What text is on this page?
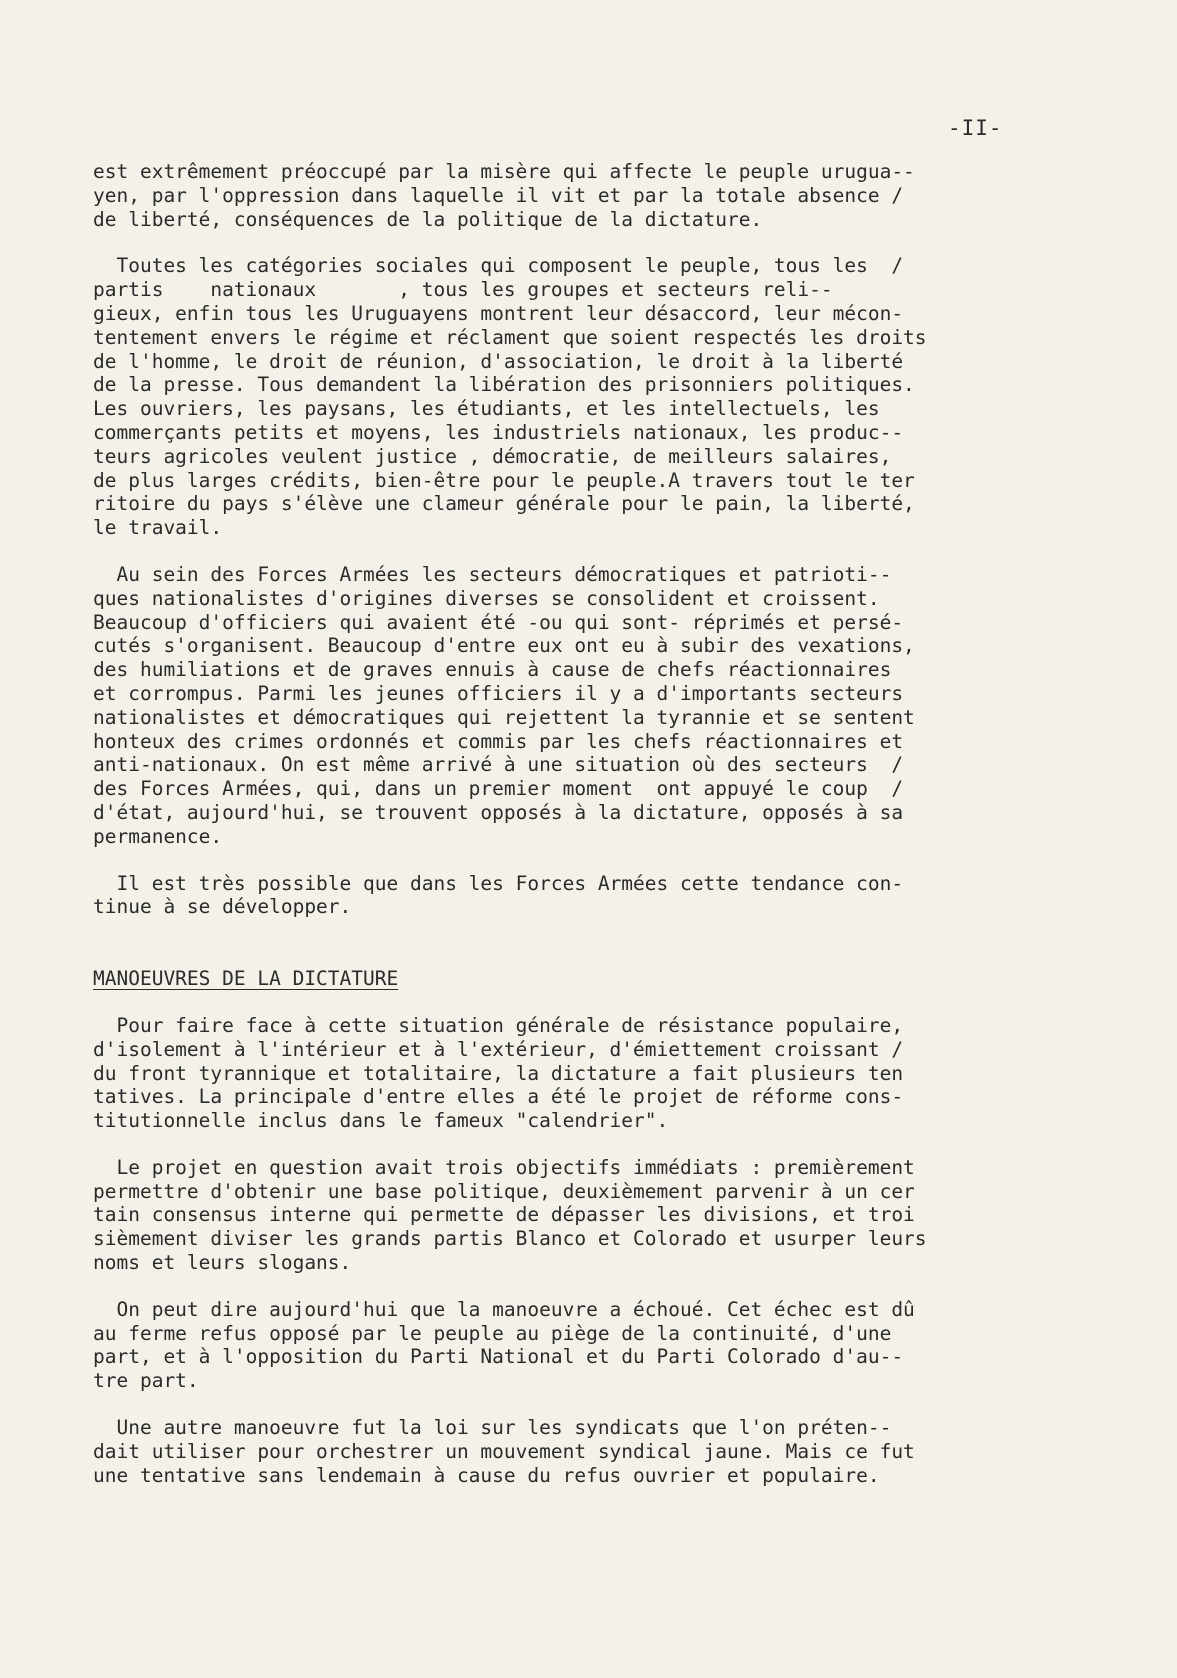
-II-
est extrêmement préoccupé par la misère qui affecte le peuple urugua--
yen, par l'oppression dans laquelle il vit et par la totale absence /
de liberté, conséquences de la politique de la dictature.
Toutes les catégories sociales qui composent le peuple, tous les  /
partis    nationaux       , tous les groupes et secteurs reli--
gieux, enfin tous les Uruguayens montrent leur désaccord, leur mécon-
tentement envers le régime et réclament que soient respectés les droits
de l'homme, le droit de réunion, d'association, le droit à la liberté
de la presse. Tous demandent la libération des prisonniers politiques.
Les ouvriers, les paysans, les étudiants, et les intellectuels, les
commerçants petits et moyens, les industriels nationaux, les produc--
teurs agricoles veulent justice , démocratie, de meilleurs salaires,
de plus larges crédits, bien-être pour le peuple.A travers tout le ter
ritoire du pays s'élève une clameur générale pour le pain, la liberté,
le travail.
Au sein des Forces Armées les secteurs démocratiques et patrioti--
ques nationalistes d'origines diverses se consolident et croissent.
Beaucoup d'officiers qui avaient été -ou qui sont- réprimés et persé-
cutés s'organisent. Beaucoup d'entre eux ont eu à subir des vexations,
des humiliations et de graves ennuis à cause de chefs réactionnaires
et corrompus. Parmi les jeunes officiers il y a d'importants secteurs
nationalistes et démocratiques qui rejettent la tyrannie et se sentent
honteux des crimes ordonnés et commis par les chefs réactionnaires et
anti-nationaux. On est même arrivé à une situation où des secteurs  /
des Forces Armées, qui, dans un premier moment  ont appuyé le coup  /
d'état, aujourd'hui, se trouvent opposés à la dictature, opposés à sa
permanence.
Il est très possible que dans les Forces Armées cette tendance con-
tinue à se développer.
MANOEUVRES DE LA DICTATURE
Pour faire face à cette situation générale de résistance populaire,
d'isolement à l'intérieur et à l'extérieur, d'émiettement croissant /
du front tyrannique et totalitaire, la dictature a fait plusieurs ten
tatives. La principale d'entre elles a été le projet de réforme cons-
titutionnelle inclus dans le fameux "calendrier".
Le projet en question avait trois objectifs immédiats : premièrement
permettre d'obtenir une base politique, deuxièmement parvenir à un cer
tain consensus interne qui permette de dépasser les divisions, et troi
sièmement diviser les grands partis Blanco et Colorado et usurper leurs
noms et leurs slogans.
On peut dire aujourd'hui que la manoeuvre a échoué. Cet échec est dû
au ferme refus opposé par le peuple au piège de la continuité, d'une
part, et à l'opposition du Parti National et du Parti Colorado d'au--
tre part.
Une autre manoeuvre fut la loi sur les syndicats que l'on préten--
dait utiliser pour orchestrer un mouvement syndical jaune. Mais ce fut
une tentative sans lendemain à cause du refus ouvrier et populaire.
